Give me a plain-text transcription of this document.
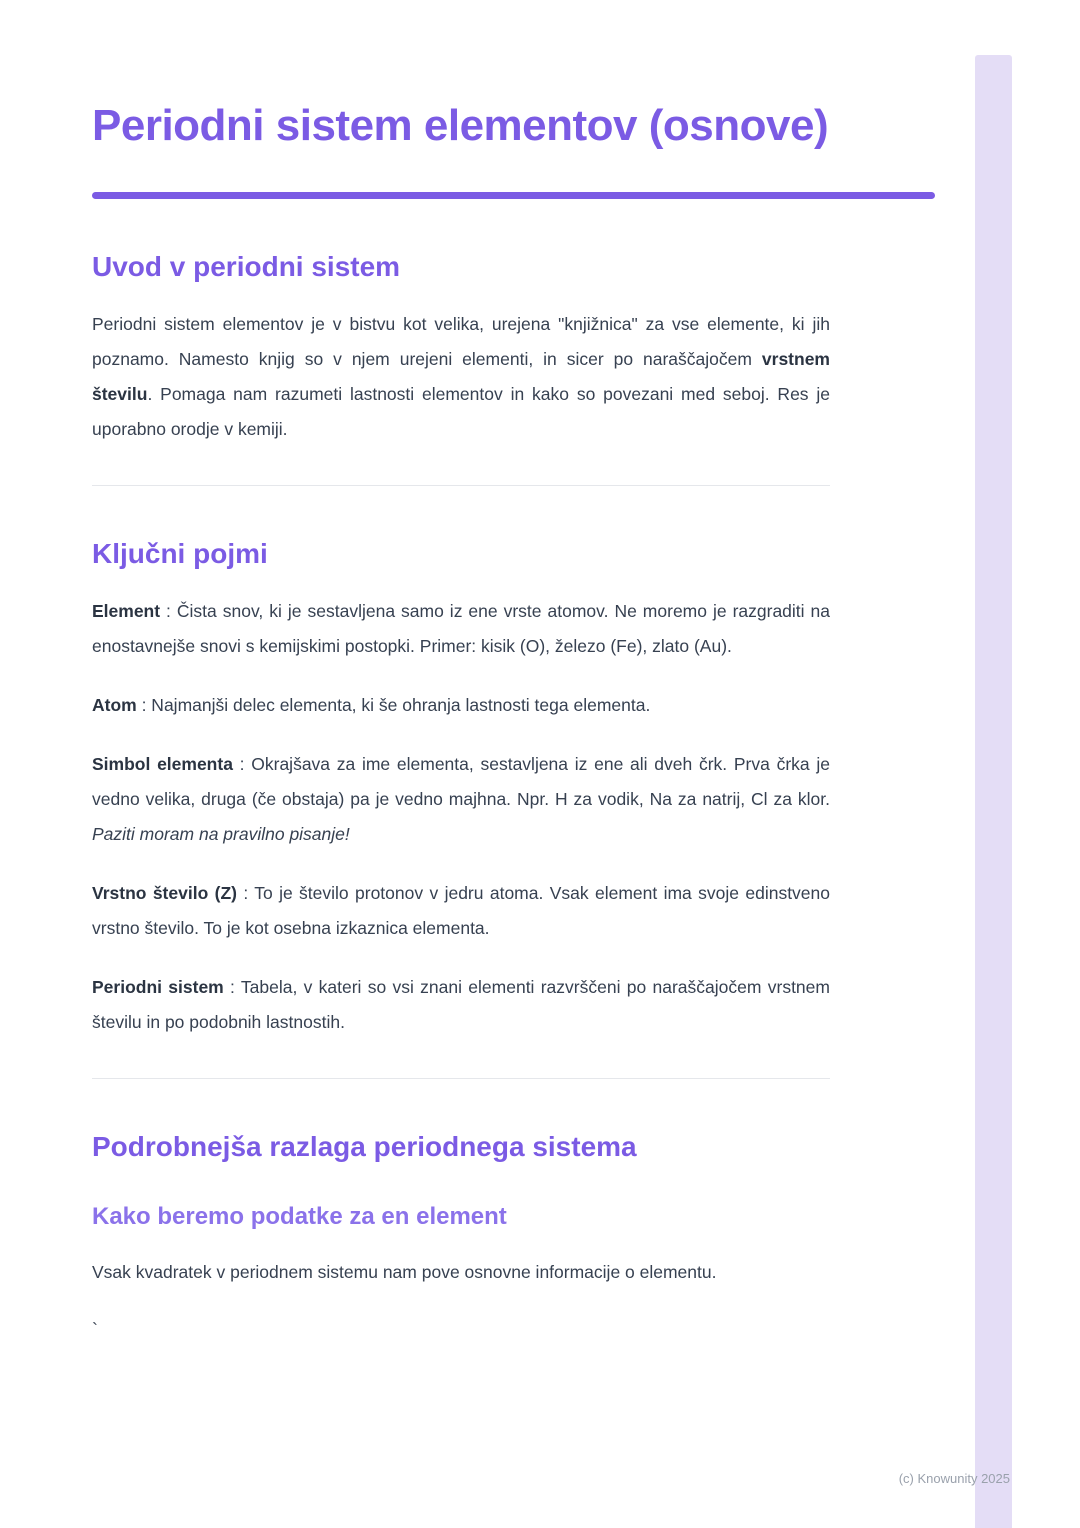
Periodni sistem elementov (osnove)
Uvod v periodni sistem

Periodni sistem elementov je v bistvu kot velika, urejena "knjižnica" za vse elemente, ki jih poznamo. Namesto knjig so v njem urejeni elementi, in sicer po naraščajočem vrstnem številu. Pomaga nam razumeti lastnosti elementov in kako so povezani med seboj. Res je uporabno orodje v kemiji.

Ključni pojmi

Element : Čista snov, ki je sestavljena samo iz ene vrste atomov. Ne moremo je razgraditi na enostavnejše snovi s kemijskimi postopki. Primer: kisik (O), železo (Fe), zlato (Au).

Atom : Najmanjši delec elementa, ki še ohranja lastnosti tega elementa.

Simbol elementa : Okrajšava za ime elementa, sestavljena iz ene ali dveh črk. Prva črka je vedno velika, druga (če obstaja) pa je vedno majhna. Npr. H za vodik, Na za natrij, Cl za klor. Paziti moram na pravilno pisanje!

Vrstno število (Z) : To je število protonov v jedru atoma. Vsak element ima svoje edinstveno vrstno število. To je kot osebna izkaznica elementa.

Periodni sistem : Tabela, v kateri so vsi znani elementi razvrščeni po naraščajočem vrstnem številu in po podobnih lastnostih.

Podrobnejša razlaga periodnega sistema
Kako beremo podatke za en element

Vsak kvadratek v periodnem sistemu nam pove osnovne informacije o elementu.

`

(c) Knowunity 2025
